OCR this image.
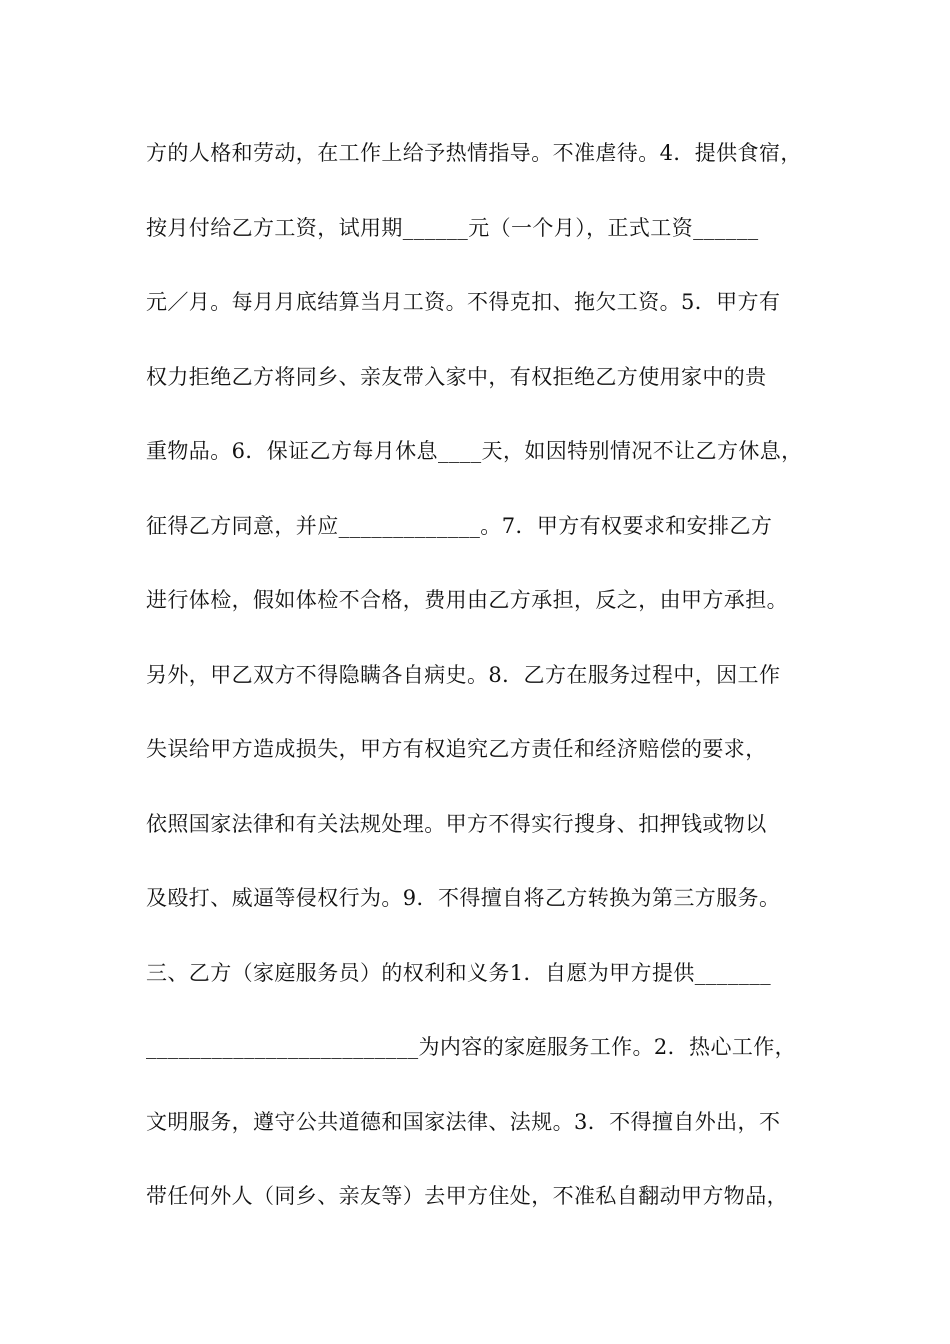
方的人格和劳动，在工作上给予热情指导。不准虐待。4．提供食宿，
按月付给乙方工资，试用期______元（一个月），正式工资______
元／月。每月月底结算当月工资。不得克扣、拖欠工资。5．甲方有
权力拒绝乙方将同乡、亲友带入家中，有权拒绝乙方使用家中的贵
重物品。6．保证乙方每月休息____天，如因特别情况不让乙方休息，
征得乙方同意，并应_____________。7．甲方有权要求和安排乙方
进行体检，假如体检不合格，费用由乙方承担，反之，由甲方承担。
另外，甲乙双方不得隐瞒各自病史。8．乙方在服务过程中，因工作
失误给甲方造成损失，甲方有权追究乙方责任和经济赔偿的要求，
依照国家法律和有关法规处理。甲方不得实行搜身、扣押钱或物以
及殴打、威逼等侵权行为。9．不得擅自将乙方转换为第三方服务。
三、乙方（家庭服务员）的权利和义务1．自愿为甲方提供_______
_________________________为内容的家庭服务工作。2．热心工作，
文明服务，遵守公共道德和国家法律、法规。3．不得擅自外出，不
带任何外人（同乡、亲友等）去甲方住处，不准私自翻动甲方物品，
